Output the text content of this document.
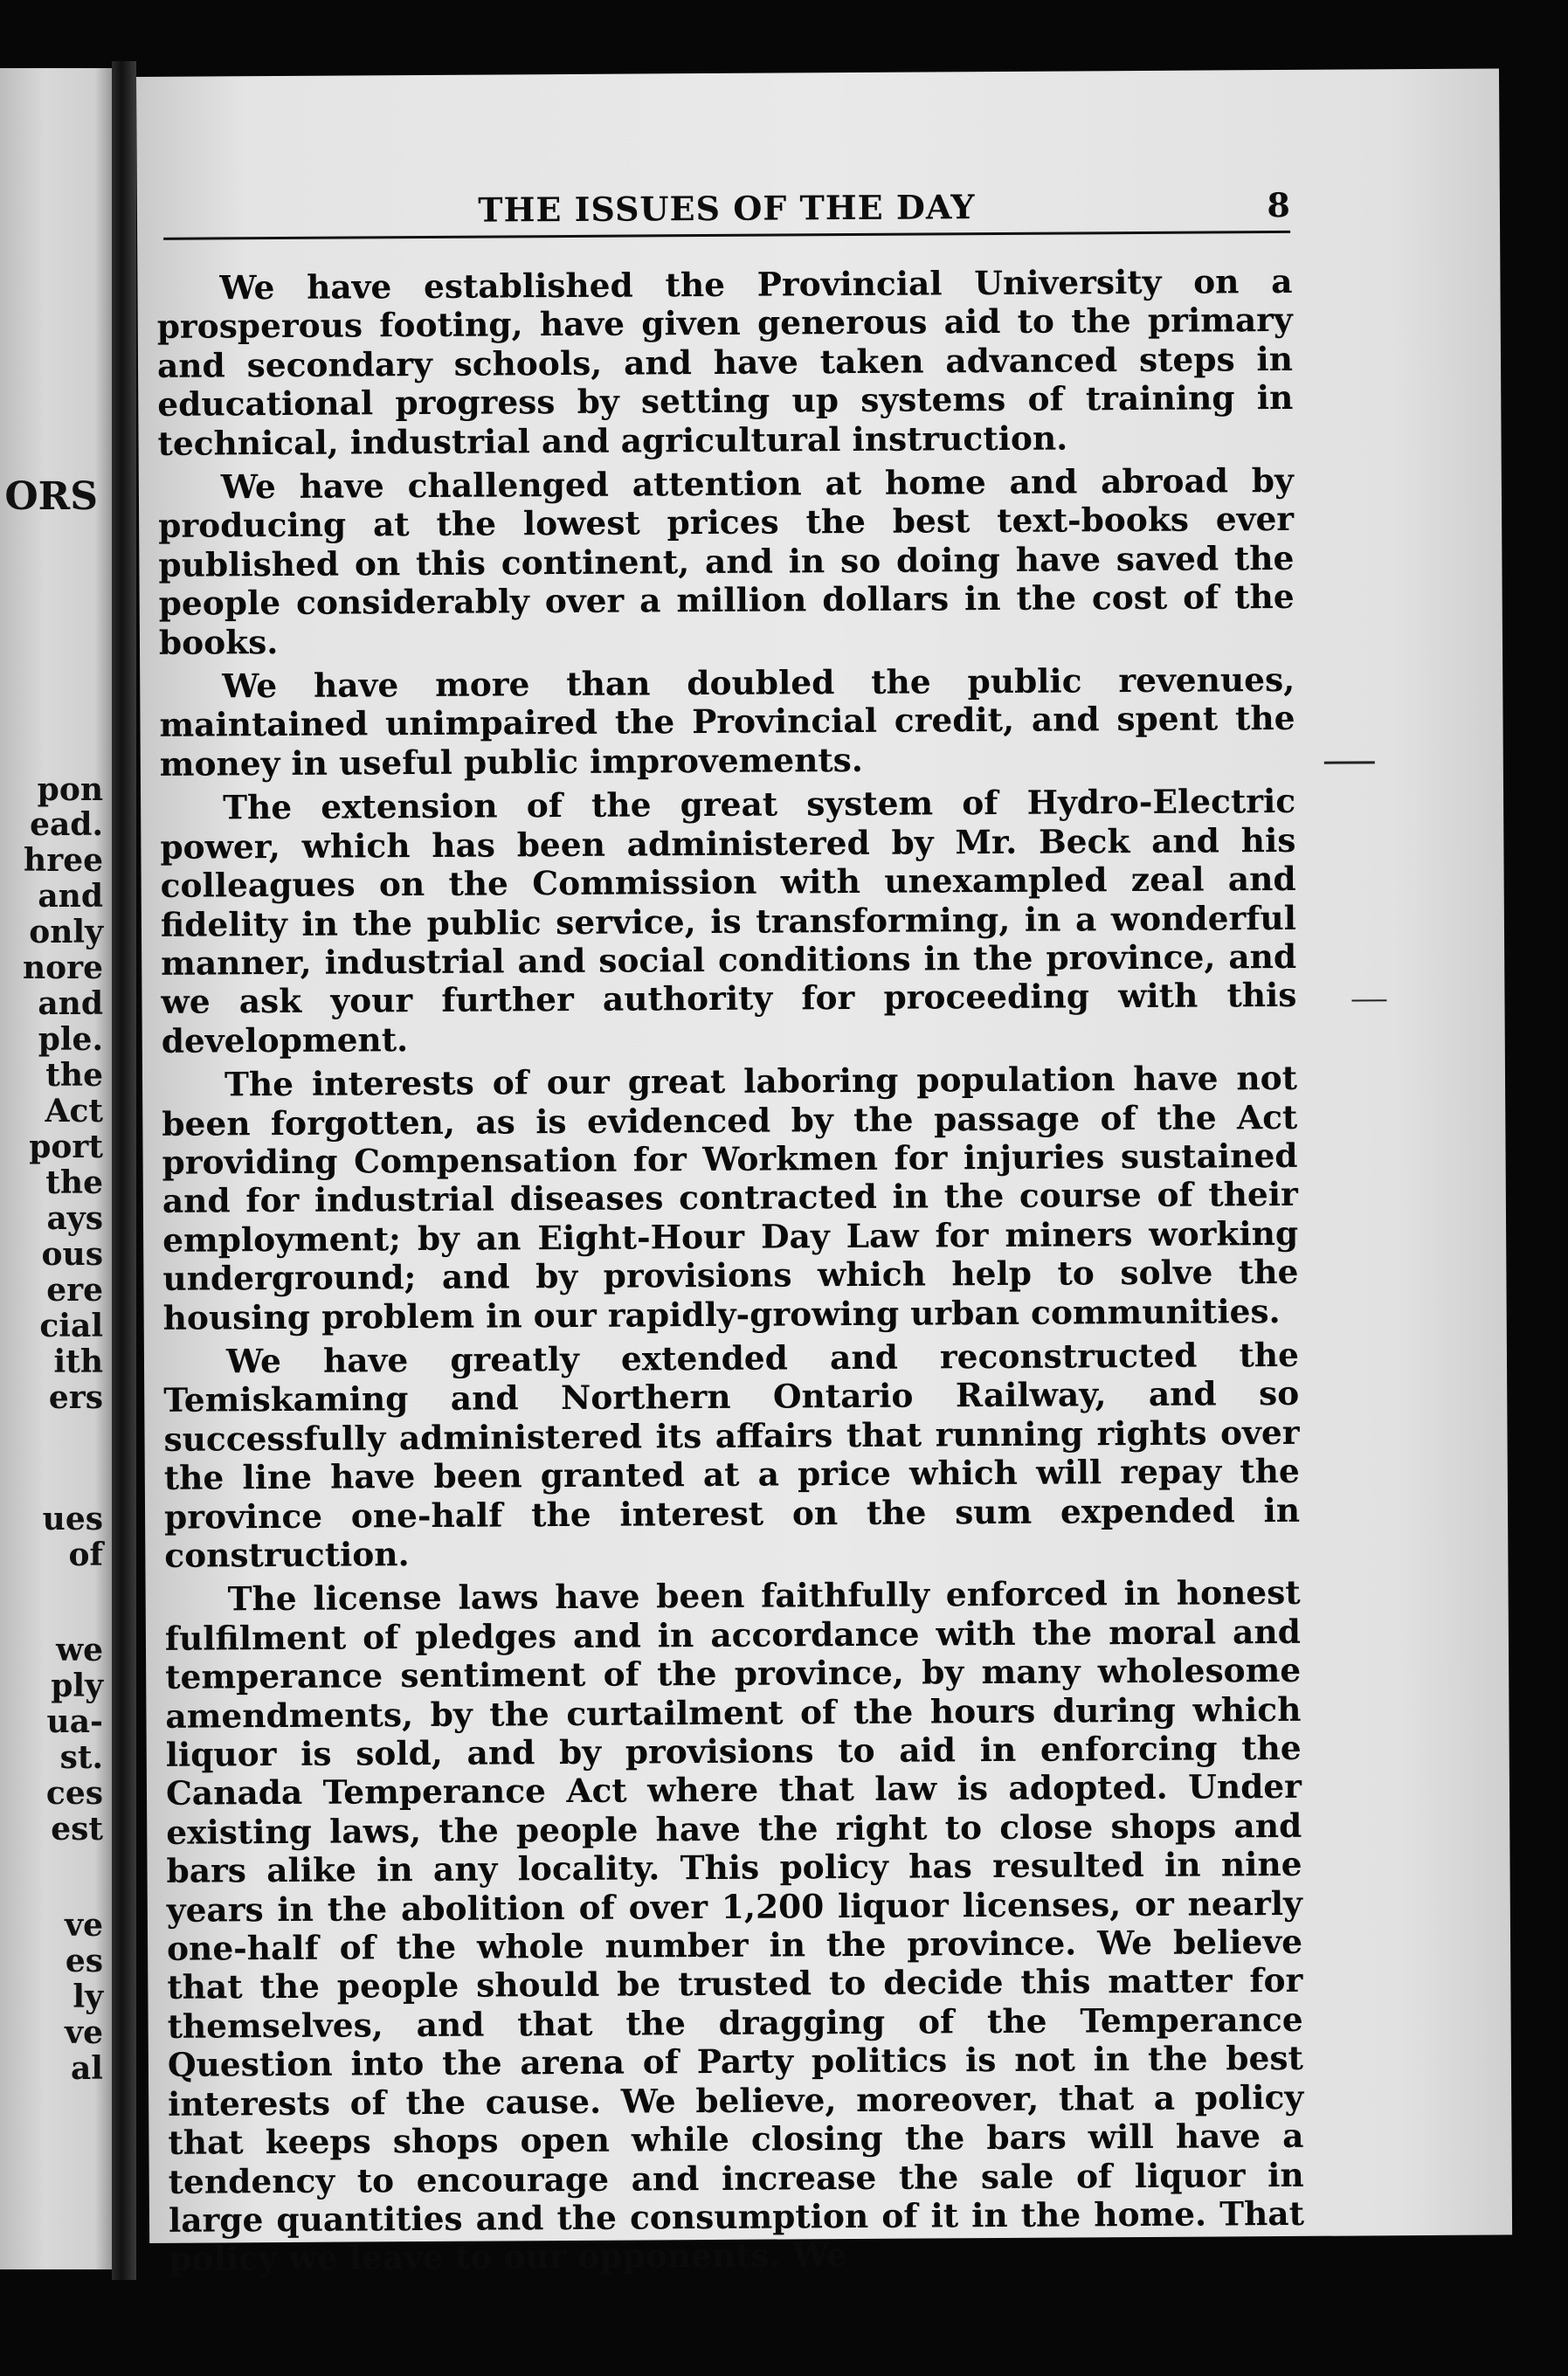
ORS
pon
ead.
hree
and
only
nore
and
ple.
the
Act
port
the
ays
ous
ere
cial
ith
ers
ues
of
we
ply
ua-
st.
ces
est
ve
es
ly
ve
al
THE ISSUES OF THE DAY	8

We have established the Provincial University on a prosperous footing, have given generous aid to the primary and secondary schools, and have taken advanced steps in educational progress by setting up systems of training in technical, industrial and agricultural instruction.

We have challenged attention at home and abroad by producing at the lowest prices the best text-books ever published on this continent, and in so doing have saved the people considerably over a million dollars in the cost of the books.

We have more than doubled the public revenues, maintained unimpaired the Provincial credit, and spent the money in useful public improvements.

The extension of the great system of Hydro-Electric power, which has been administered by Mr. Beck and his colleagues on the Commission with unexampled zeal and fidelity in the public service, is transforming, in a wonderful manner, industrial and social conditions in the province, and we ask your further authority for proceeding with this development.

The interests of our great laboring population have not been forgotten, as is evidenced by the passage of the Act providing Compensation for Workmen for injuries sustained and for industrial diseases contracted in the course of their employment; by an Eight-Hour Day Law for miners working underground; and by provisions which help to solve the housing problem in our rapidly-growing urban communities.

We have greatly extended and reconstructed the Temiskaming and Northern Ontario Railway, and so successfully administered its affairs that running rights over the line have been granted at a price which will repay the province one-half the interest on the sum expended in construction.

The license laws have been faithfully enforced in honest fulfilment of pledges and in accordance with the moral and temperance sentiment of the province, by many wholesome amendments, by the curtailment of the hours during which liquor is sold, and by provisions to aid in enforcing the Canada Temperance Act where that law is adopted. Under existing laws, the people have the right to close shops and bars alike in any locality. This policy has resulted in nine years in the abolition of over 1,200 liquor licenses, or nearly one-half of the whole number in the province. We believe that the people should be trusted to decide this matter for themselves, and that the dragging of the Temperance Question into the arena of Party politics is not in the best interests of the cause. We believe, moreover, that a policy that keeps shops open while closing the bars will have a tendency to encourage and increase the sale of liquor in large quantities and the consumption of it in the home. That policy we leave to our opponents. We
